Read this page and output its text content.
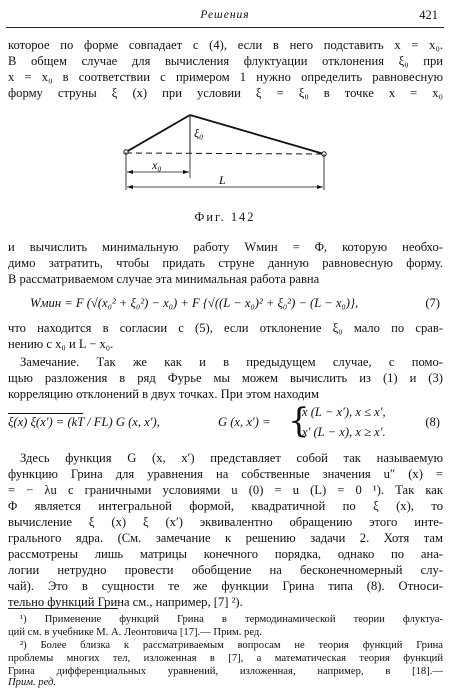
Решения	421
которое по форме совпадает с (4), если в него подставить x = x₀.
В общем случае для вычисления флуктуации отклонения ξ₀ при
x = x₀ в соответствии с примером 1 нужно определить равновесную
форму струны ξ (x) при условии ξ = ξ₀ в точке x = x₀
ξ₀
x₀
L
Фиг. 142
и вычислить минимальную работу Wмин = Φ, которую необхо-
димо затратить, чтобы придать струне данную равновесную форму.
В рассматриваемом случае эта минимальная работа равна
Wмин = F (√(x₀² + ξ₀²) − x₀) + F {√((L − x₀)² + ξ₀²) − (L − x₀)},	(7)
что находится в согласии с (5), если отклонение ξ₀ мало по срав-
нению с x₀ и L − x₀.
Замечание. Так же как и в предыдущем случае, с помо-
щью разложения в ряд Фурье мы можем вычислить из (1) и (3)
корреляцию отклонений в двух точках. При этом находим
ξ(x) ξ(x′) = (kT / FL) G (x, x′),	G (x, x′) = {
x (L − x′), x ≤ x′,
x′ (L − x), x ≥ x′.
(8)
Здесь функция G (x, x′) представляет собой так называемую
функцию Грина для уравнения на собственные значения u″ (x) =
= − λu с граничными условиями u (0) = u (L) = 0 ¹). Так как
Φ является интегральной формой, квадратичной по ξ (x), то
вычисление ξ (x) ξ (x′) эквивалентно обращению этого инте-
грального ядра. (См. замечание к решению задачи 2. Хотя там
рассмотрены лишь матрицы конечного порядка, однако по ана-
логии нетрудно провести обобщение на бесконечномерный слу-
чай). Это в сущности те же функции Грина типа (8). Относи-
тельно функций Грина см., например, [7] ²).
¹) Применение функций Грина в термодинамической теории флуктуа-
ций см. в учебнике М. А. Леонтовича [17].— Прим. ред.
²) Более близка к рассматриваемым вопросам не теория функций Грина
проблемы многих тел, изложенная в [7], а математическая теория функций
Грина дифференциальных уравнений, изложенная, например, в [18].—
Прим. ред.
